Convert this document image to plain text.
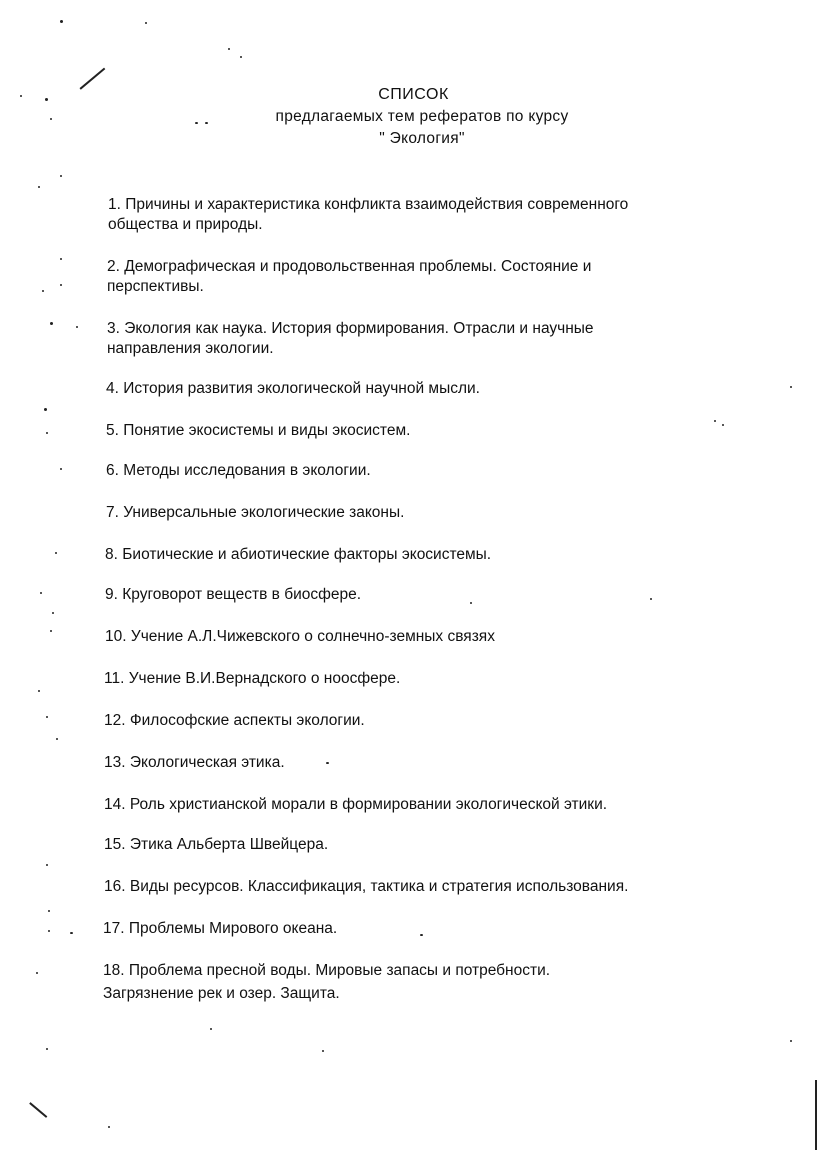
СПИСОК
предлагаемых тем рефератов по курсу
" Экология"
1. Причины и характеристика конфликта взаимодействия современного
общества и природы.
2. Демографическая и продовольственная проблемы. Состояние и
перспективы.
3. Экология как наука. История формирования. Отрасли и научные
направления экологии.
4. История развития экологической научной мысли.
5. Понятие экосистемы и виды экосистем.
6. Методы исследования в экологии.
7. Универсальные экологические законы.
8. Биотические и абиотические факторы экосистемы.
9. Круговорот веществ в биосфере.
10. Учение А.Л.Чижевского о солнечно-земных связях
11. Учение В.И.Вернадского о ноосфере.
12. Философские аспекты экологии.
13. Экологическая этика.
14. Роль христианской морали в формировании экологической этики.
15. Этика Альберта Швейцера.
16. Виды ресурсов. Классификация, тактика и стратегия использования.
17. Проблемы Мирового океана.
18. Проблема пресной воды. Мировые запасы и потребности.
Загрязнение рек и озер. Защита.
